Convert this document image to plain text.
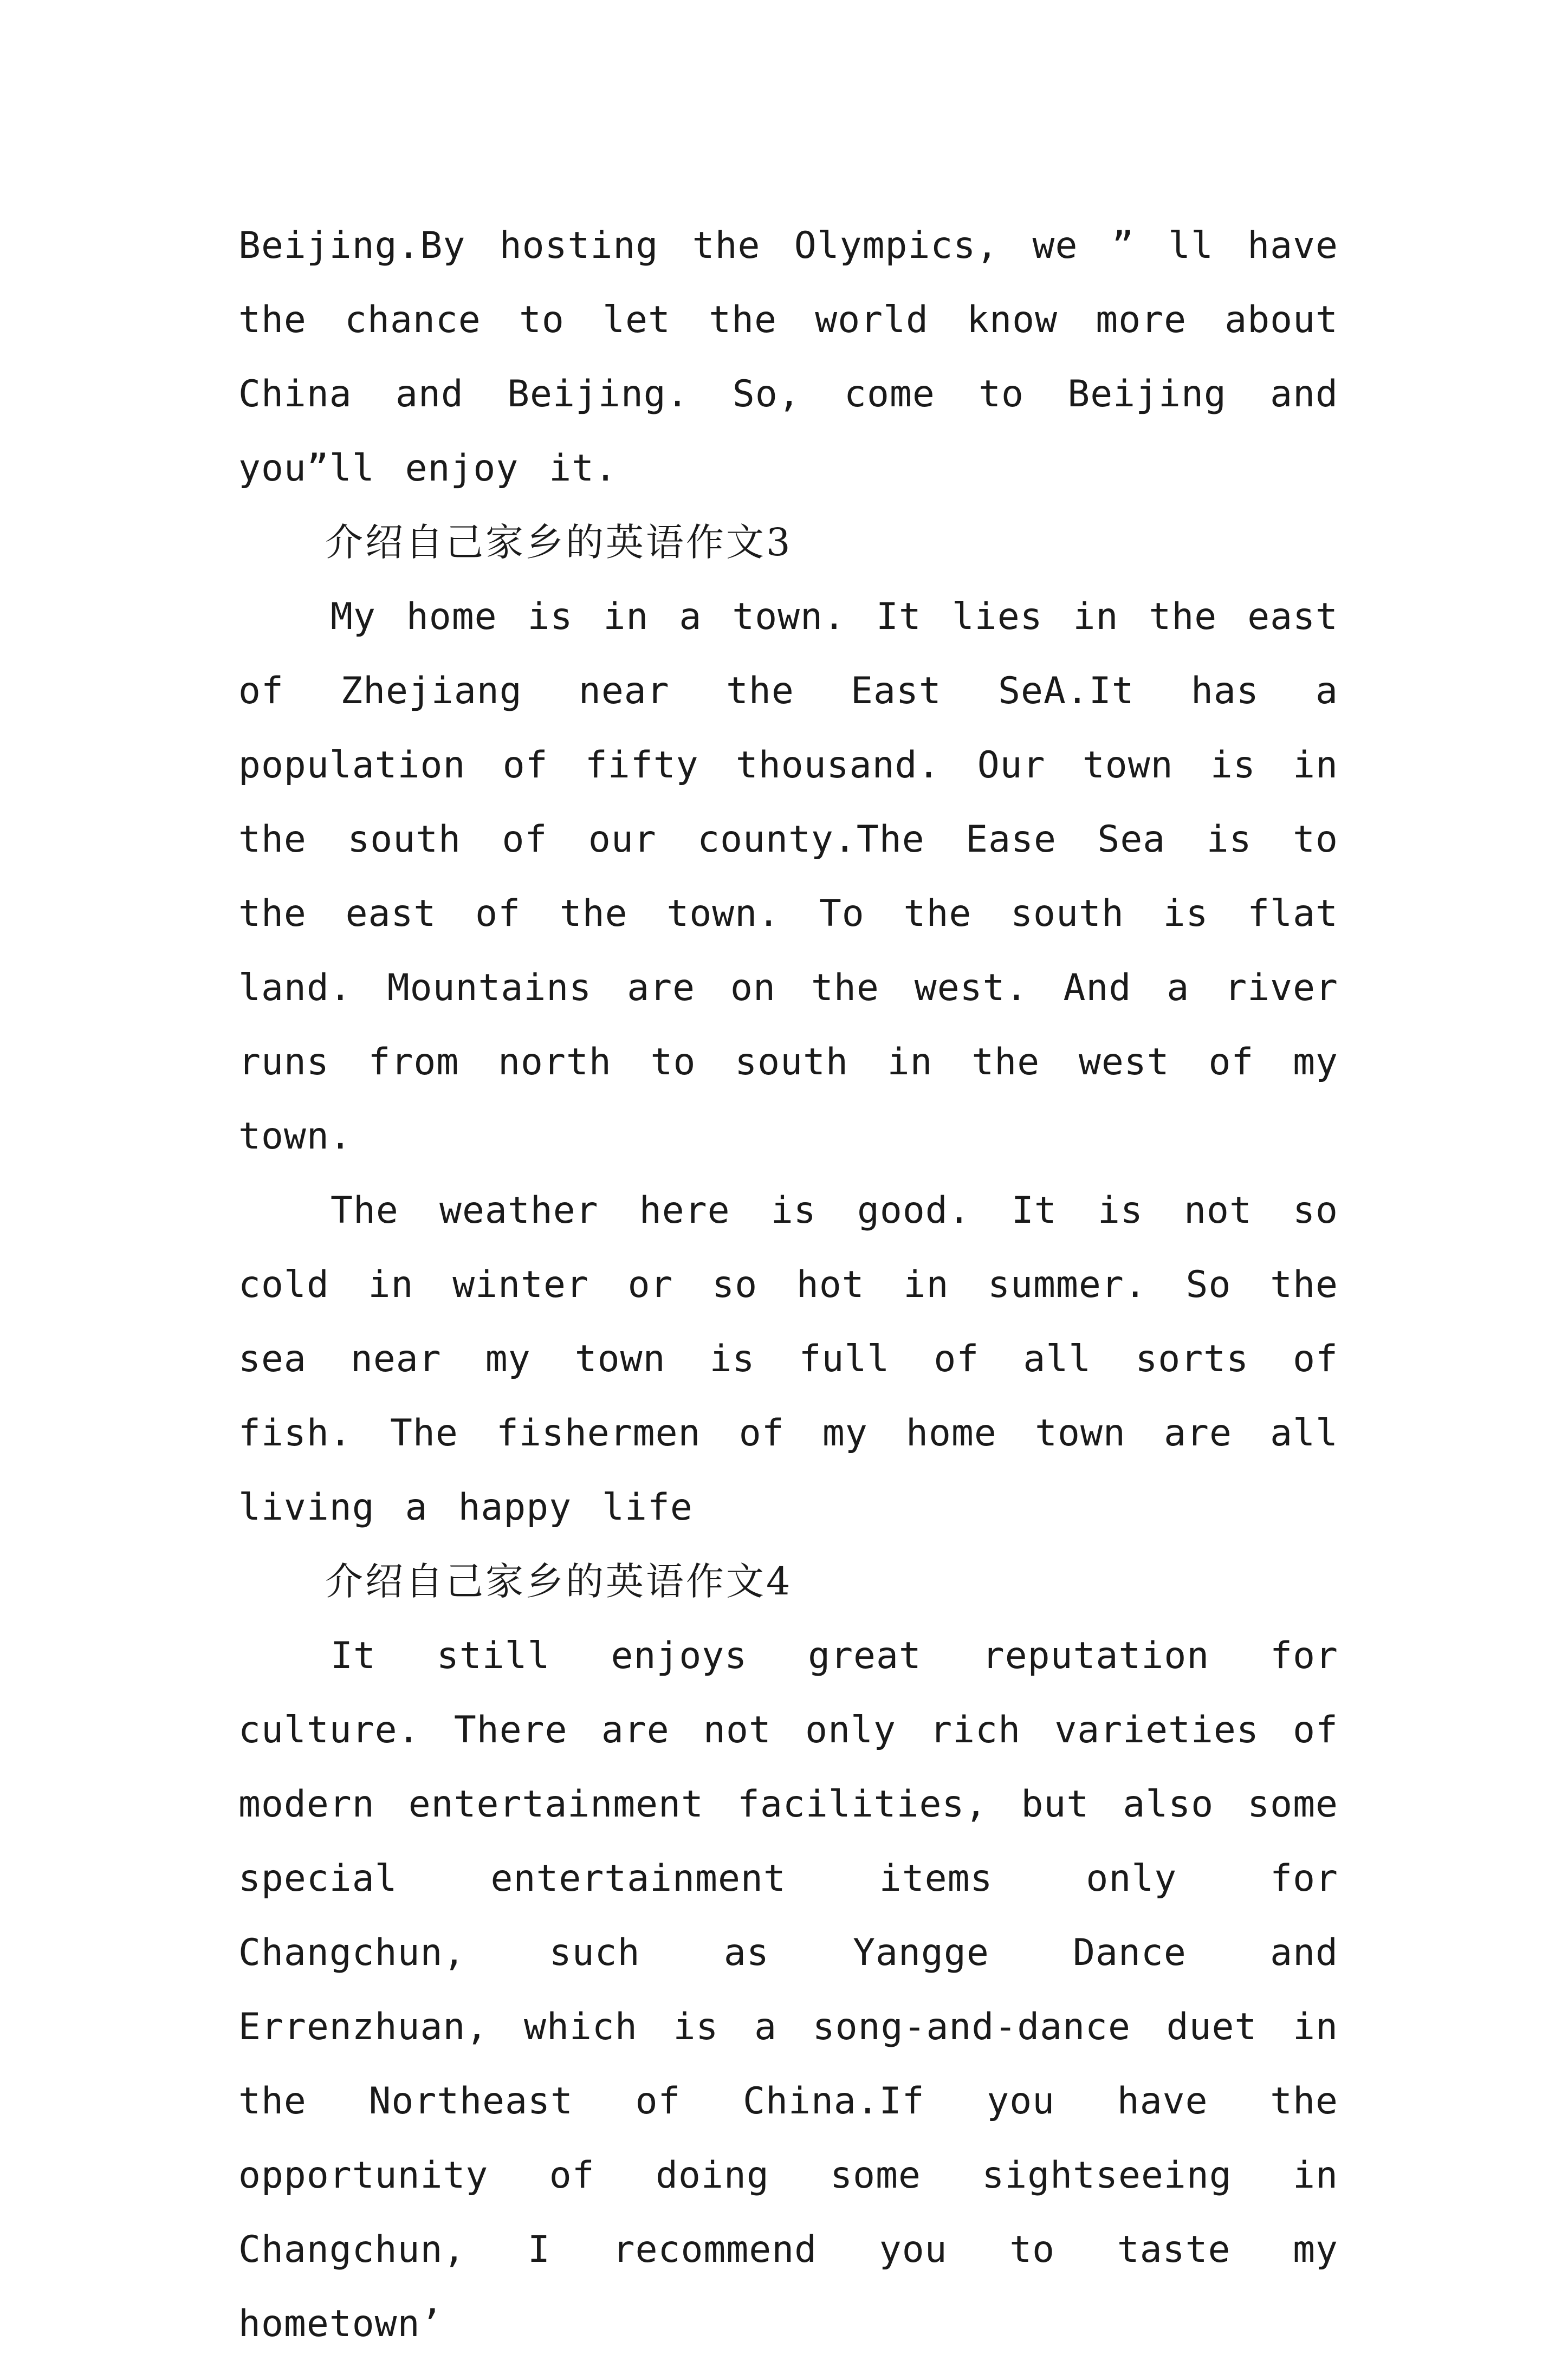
Beijing.By hosting the Olympics, we ” ll have the chance to let the world know more about China and Beijing. So, come to Beijing and you”ll enjoy it.

介绍自己家乡的英语作文3

My home is in a town. It lies in the east of Zhejiang near the East SeA.It has a population of fifty thousand. Our town is in the south of our county.The Ease Sea is to the east of the town. To the south is flat land. Mountains are on the west. And a river runs from north to south in the west of my town.

The weather here is good. It is not so cold in winter or so hot in summer. So the sea near my town is full of all sorts of fish. The fishermen of my home town are all living a happy life

介绍自己家乡的英语作文4

It still enjoys great reputation for culture. There are not only rich varieties of modern entertainment facilities, but also some special entertainment items only for Changchun, such as Yangge Dance and Errenzhuan, which is a song-and-dance duet in the Northeast of China.If you have the opportunity of doing some sightseeing in Changchun, I recommend you to taste my hometown’
